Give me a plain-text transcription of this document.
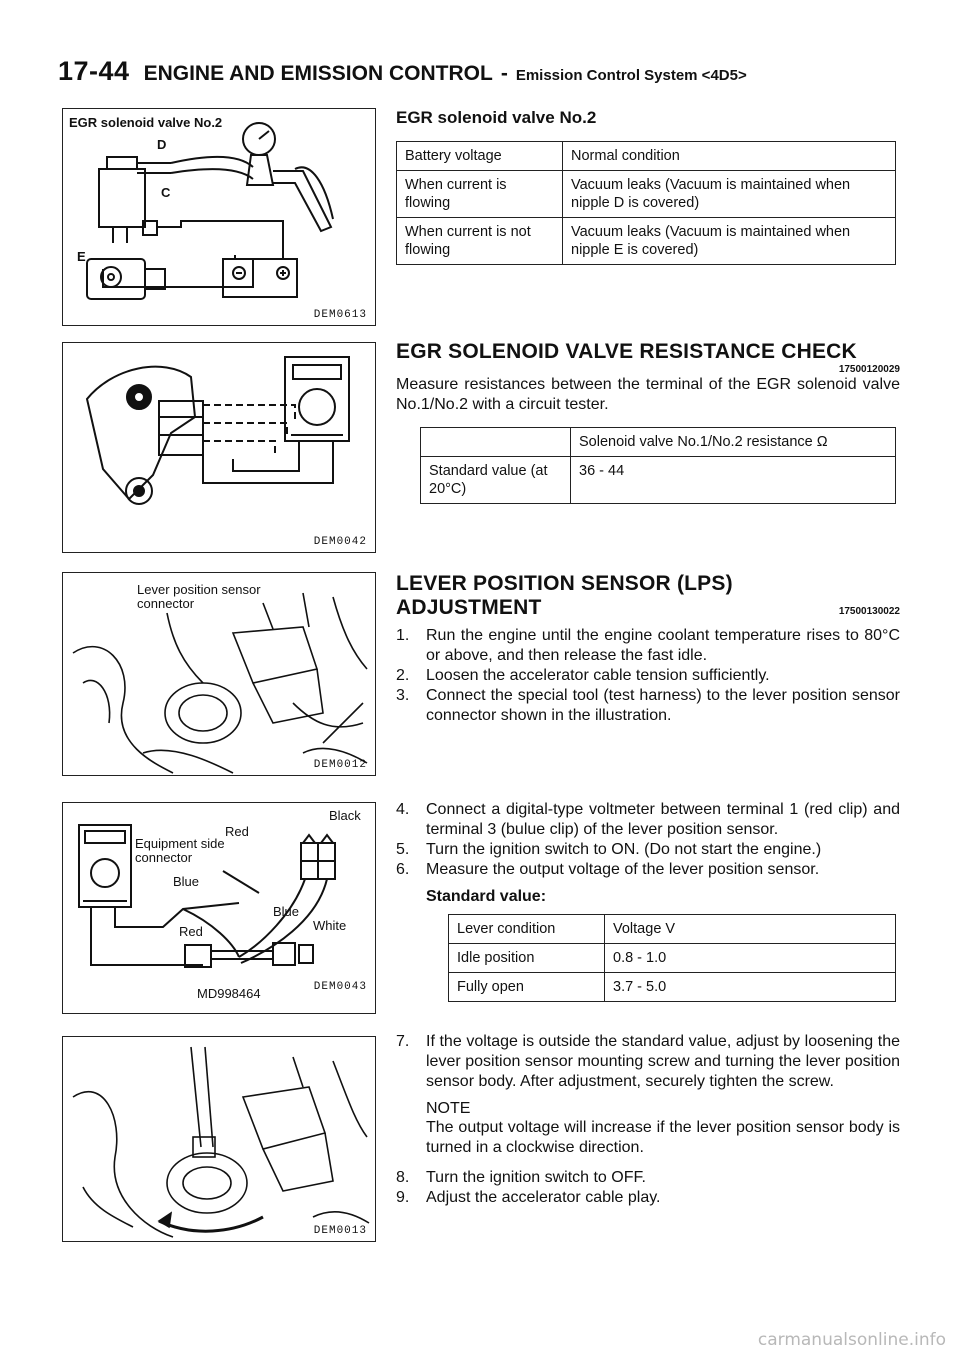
17-44 ENGINE AND EMISSION CONTROL - Emission Control System <4D5>
EGR solenoid valve No.2
D
C
E
DEM0613
DEM0042
Lever position sensor connector
DEM0012
Equipment side connector
Red
Black
Blue
Blue
White
Red
MD998464	DEM0043
DEM0013
EGR solenoid valve No.2
Battery voltage	Normal condition
When current is flowing	Vacuum leaks (Vacuum is maintained when nipple D is covered)
When current is not flowing	Vacuum leaks (Vacuum is maintained when nipple E is covered)
EGR SOLENOID VALVE RESISTANCE CHECK
17500120029

Measure resistances between the terminal of the EGR solenoid valve No.1/No.2 with a circuit tester.

	Solenoid valve No.1/No.2 resistance Ω
Standard value (at 20°C)	36 - 44
LEVER POSITION SENSOR (LPS)
ADJUSTMENT	17500130022
1.	Run the engine until the engine coolant temperature rises to 80°C or above, and then release the fast idle.
2.	Loosen the accelerator cable tension sufficiently.
3.	Connect the special tool (test harness) to the lever position sensor connector shown in the illustration.
4.	Connect a digital-type voltmeter between terminal 1 (red clip) and terminal 3 (bulue clip) of the lever position sensor.
5.	Turn the ignition switch to ON. (Do not start the engine.)
6.	Measure the output voltage of the lever position sensor.
Standard value:
Lever condition	Voltage V
Idle position	0.8 - 1.0
Fully open	3.7 - 5.0
7.	If the voltage is outside the standard value, adjust by loosening the lever position sensor mounting screw and turning the lever position sensor body. After adjustment, securely tighten the screw.
NOTE
The output voltage will increase if the lever position sensor body is turned in a clockwise direction.
8.	Turn the ignition switch to OFF.
9.	Adjust the accelerator cable play.
carmanualsonline.info
